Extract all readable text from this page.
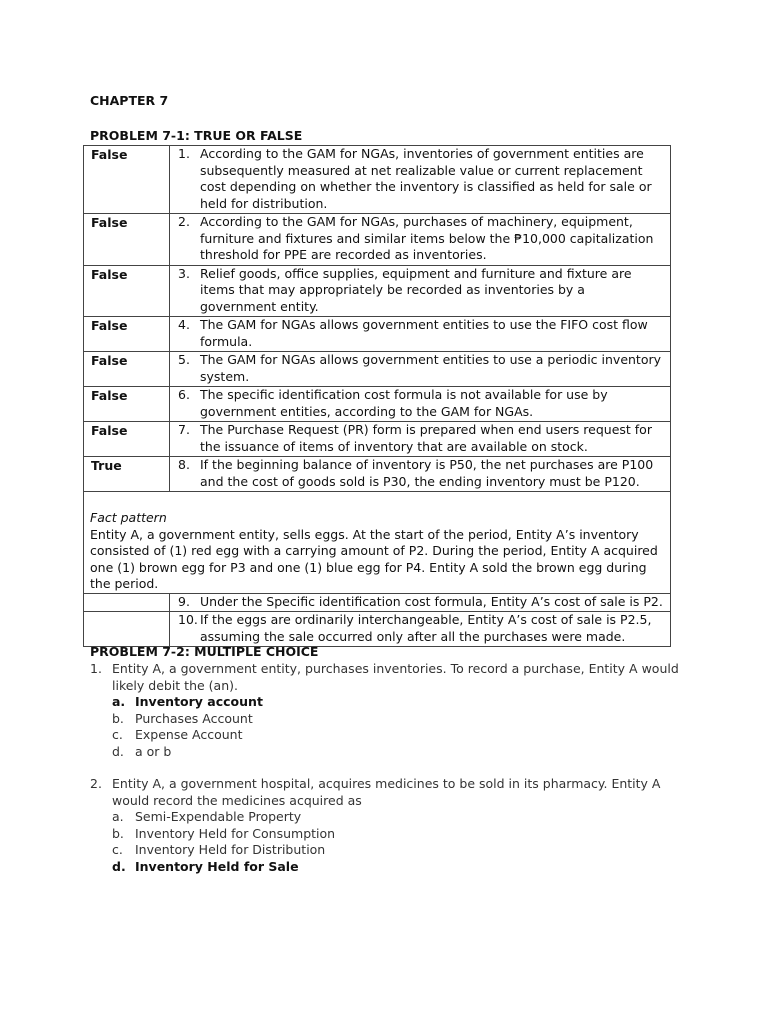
CHAPTER 7
PROBLEM 7-1: TRUE OR FALSE
False	1. According to the GAM for NGAs, inventories of government entities are subsequently measured at net realizable value or current replacement cost depending on whether the inventory is classified as held for sale or held for distribution.

False	2. According to the GAM for NGAs, purchases of machinery, equipment, furniture and fixtures and similar items below the ₱10,000 capitalization threshold for PPE are recorded as inventories.

False	3. Relief goods, office supplies, equipment and furniture and fixture are items that may appropriately be recorded as inventories by a government entity.

False	4. The GAM for NGAs allows government entities to use the FIFO cost flow formula.

False	5. The GAM for NGAs allows government entities to use a periodic inventory system.

False	6. The specific identification cost formula is not available for use by government entities, according to the GAM for NGAs.

False	7. The Purchase Request (PR) form is prepared when end users request for the issuance of items of inventory that are available on stock.

True	8. If the beginning balance of inventory is P50, the net purchases are P100 and the cost of goods sold is P30, the ending inventory must be P120.

Fact pattern
Entity A, a government entity, sells eggs. At the start of the period, Entity A’s inventory consisted of (1) red egg with a carrying amount of P2. During the period, Entity A acquired one (1) brown egg for P3 and one (1) blue egg for P4. Entity A sold the brown egg during the period.	

	9. Under the Specific identification cost formula, Entity A’s cost of sale is P2.

	10. If the eggs are ordinarily interchangeable, Entity A’s cost of sale is P2.5, assuming the sale occurred only after all the purchases were made.
PROBLEM 7-2: MULTIPLE CHOICE
1. Entity A, a government entity, purchases inventories. To record a purchase, Entity A would likely debit the (an).
a. Inventory account
b. Purchases Account
c. Expense Account
d. a or b
2. Entity A, a government hospital, acquires medicines to be sold in its pharmacy. Entity A would record the medicines acquired as
a. Semi-Expendable Property
b. Inventory Held for Consumption
c. Inventory Held for Distribution
d. Inventory Held for Sale
